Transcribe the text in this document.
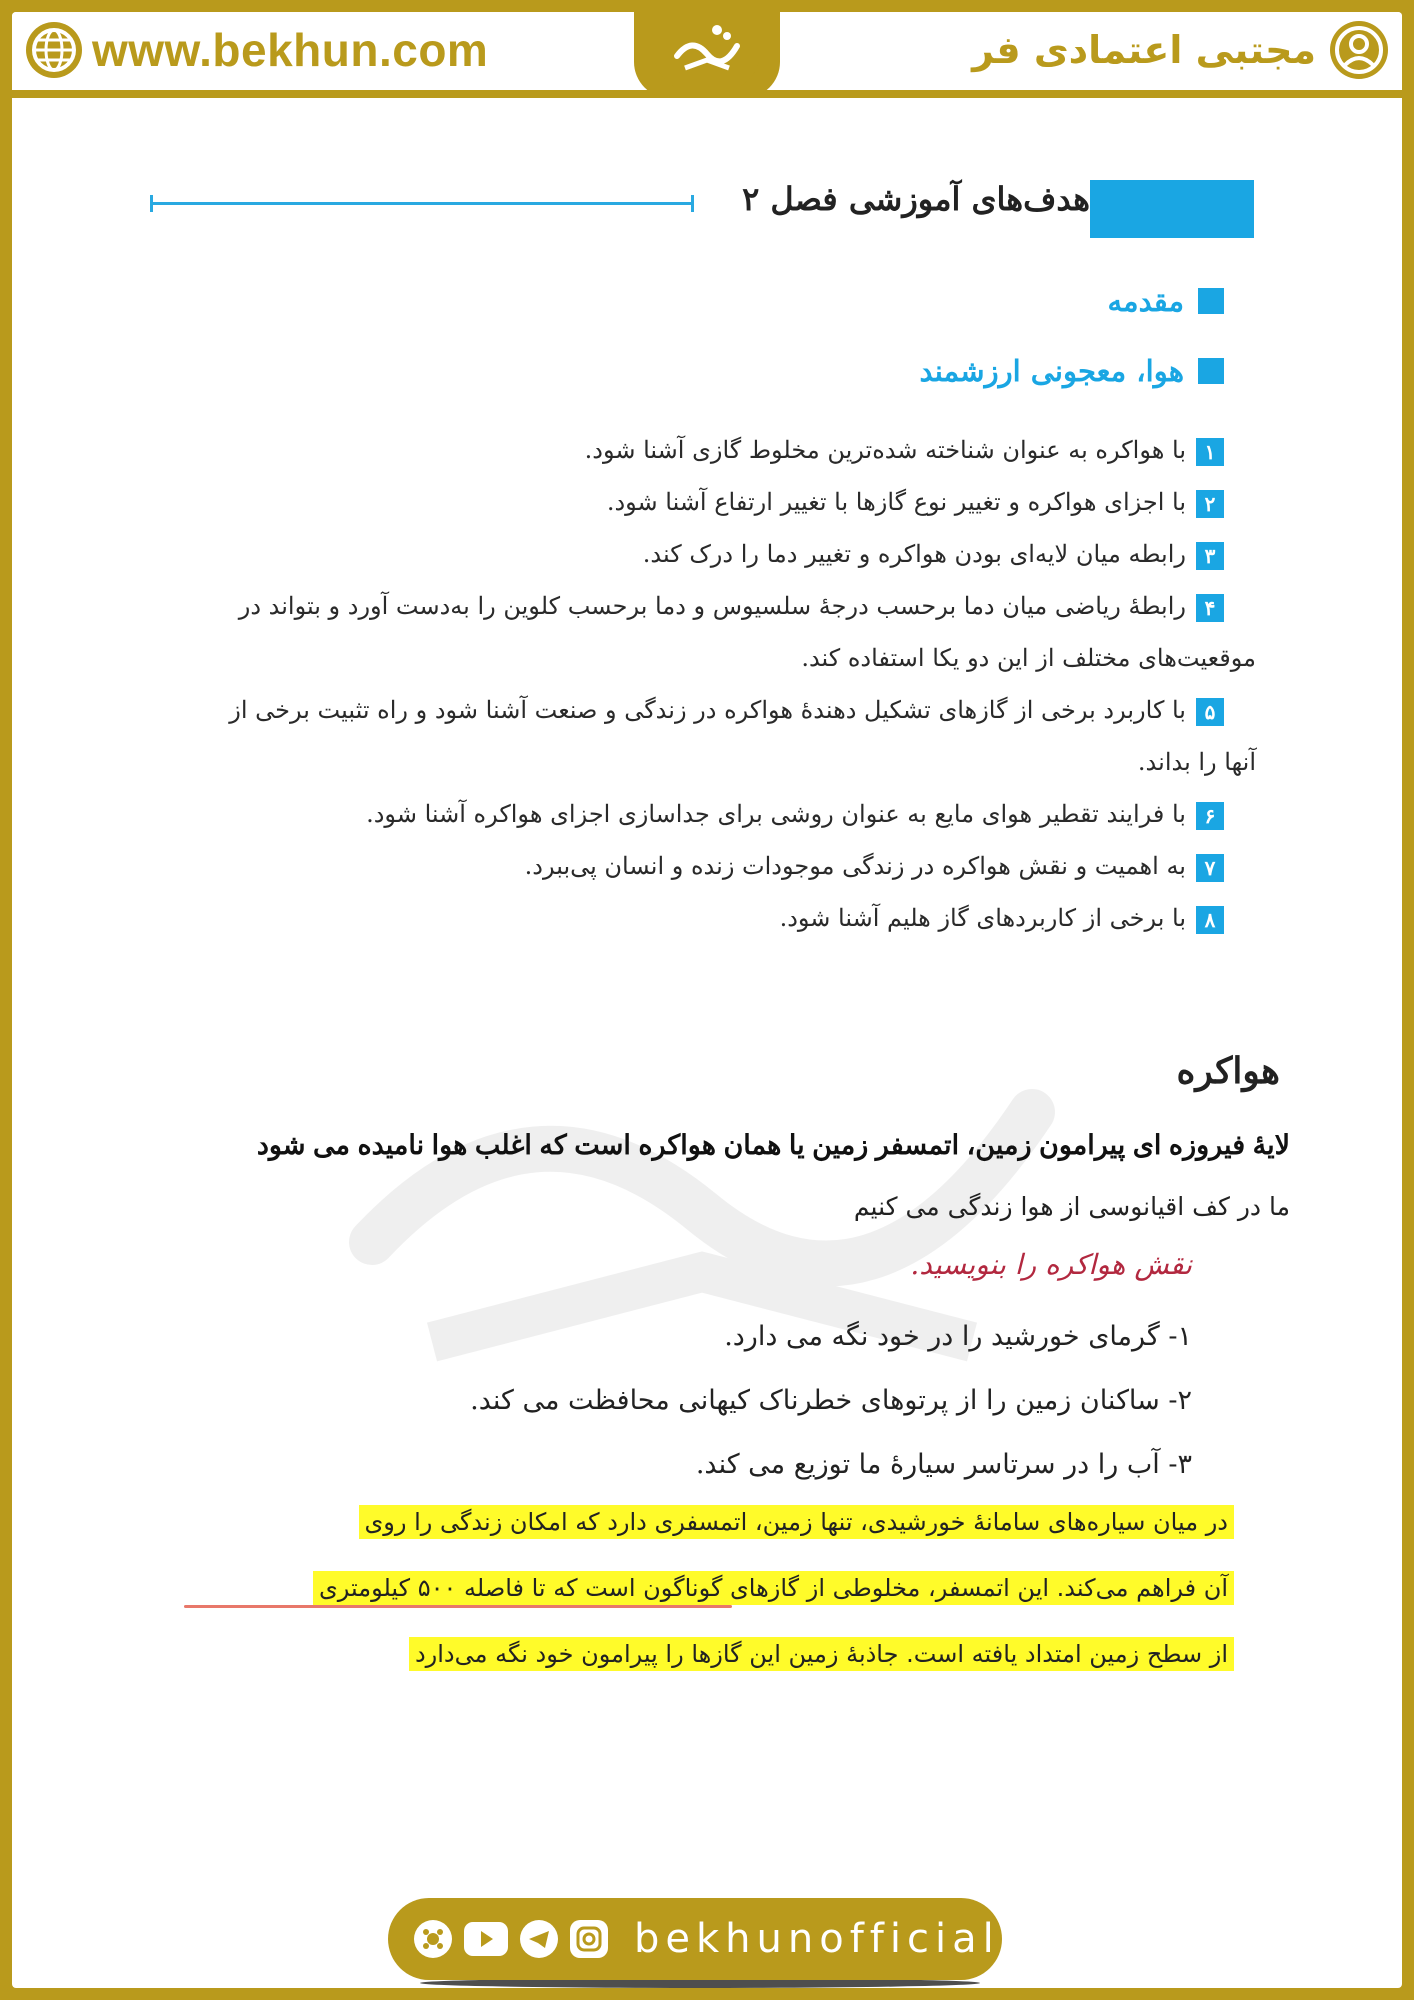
www.bekhun.com	مجتبی اعتمادی فر
هدف‌های آموزشی فصل ۲
مقدمه
هوا، معجونی ارزشمند

۱با هواکره به عنوان شناخته شده‌ترین مخلوط گازی آشنا شود.

۲با اجزای هواکره و تغییر نوع گازها با تغییر ارتفاع آشنا شود.

۳رابطه میان لایه‌ای بودن هواکره و تغییر دما را درک کند.

۴رابطهٔ ریاضی میان دما برحسب درجهٔ سلسیوس و دما برحسب کلوین را به‌دست آورد و بتواند در

موقعیت‌های مختلف از این دو یکا استفاده کند.

۵با کاربرد برخی از گازهای تشکیل دهندهٔ هواکره در زندگی و صنعت آشنا شود و راه تثبیت برخی از

آنها را بداند.

۶با فرایند تقطیر هوای مایع به عنوان روشی برای جداسازی اجزای هواکره آشنا شود.

۷به اهمیت و نقش هواکره در زندگی موجودات زنده و انسان پی‌ببرد.

۸با برخی از کاربردهای گاز هلیم آشنا شود.

هواکره
لایۀ فیروزه ای پیرامون زمین، اتمسفر زمین یا همان هواکره است که اغلب هوا نامیده می شود
ما در کف اقیانوسی از هوا زندگی می کنیم
نقش هواکره را بنویسید.
۱- گرمای خورشید را در خود نگه می دارد.
۲- ساکنان زمین را از پرتوهای خطرناک کیهانی محافظت می کند.
۳- آب را در سرتاسر سیارۀ ما توزیع می کند.
در میان سیاره‌های سامانۀ خورشیدی، تنها زمین، اتمسفری دارد که امکان زندگی را روی
آن فراهم می‌کند. این اتمسفر، مخلوطی از گازهای گوناگون است که تا فاصله ۵۰۰ کیلومتری
از سطح زمین امتداد یافته است. جاذبۀ زمین این گازها را پیرامون خود نگه می‌دارد
bekhunofficial
